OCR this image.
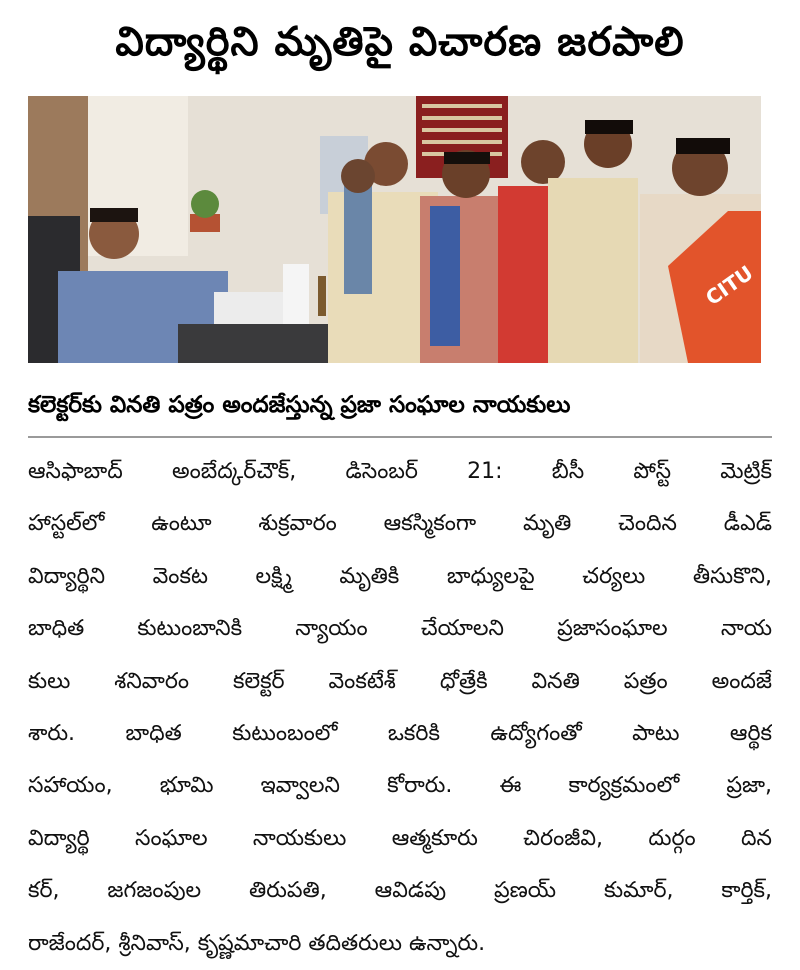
విద్యార్థిని మృతిపై విచారణ జరపాలి
CITU
కలెక్టర్‌కు వినతి పత్రం అందజేస్తున్న ప్రజా సంఘాల నాయకులు
ఆసిఫాబాద్ అంబేద్కర్‌చౌక్, డిసెంబర్ 21: బీసీ పోస్ట్ మెట్రిక్
హాస్టల్‌లో ఉంటూ శుక్రవారం ఆకస్మికంగా మృతి చెందిన డీఎడ్
విద్యార్థిని వెంకట లక్ష్మి మృతికి బాధ్యులపై చర్యలు తీసుకొని,
బాధిత కుటుంబానికి న్యాయం చేయాలని ప్రజాసంఘాల నాయ
కులు శనివారం కలెక్టర్ వెంకటేశ్ ధోత్రేకి వినతి పత్రం అందజే
శారు. బాధిత కుటుంబంలో ఒకరికి ఉద్యోగంతో పాటు ఆర్థిక
సహాయం, భూమి ఇవ్వాలని కోరారు. ఈ కార్యక్రమంలో ప్రజా,
విద్యార్థి సంఘాల నాయకులు ఆత్మకూరు చిరంజీవి, దుర్గం దిన
కర్, జగజంపుల తిరుపతి, ఆవిడపు ప్రణయ్ కుమార్, కార్తిక్,
రాజేందర్, శ్రీనివాస్, కృష్ణమాచారి తదితరులు ఉన్నారు.
